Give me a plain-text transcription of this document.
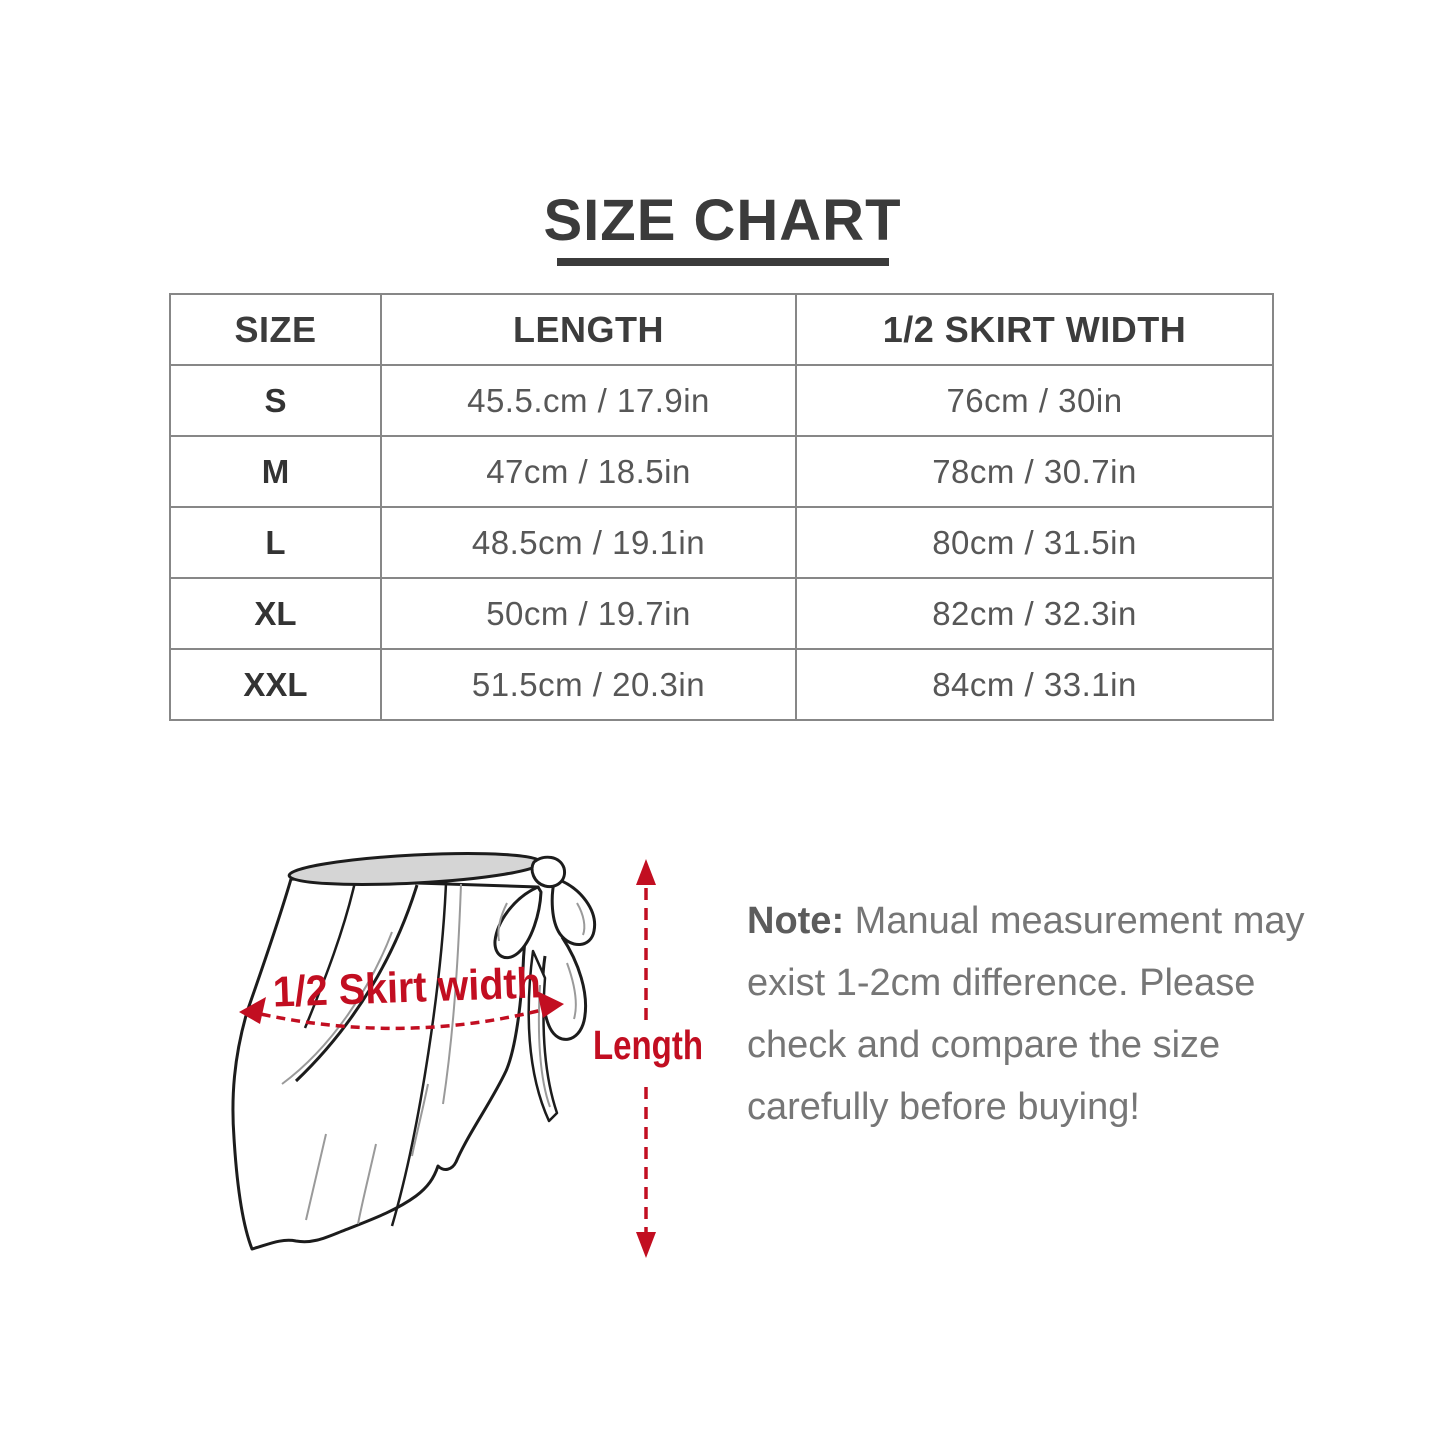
SIZE CHART
SIZE	LENGTH	1/2 SKIRT WIDTH
S	45.5.cm / 17.9in	76cm / 30in
M	47cm / 18.5in	78cm / 30.7in
L	48.5cm / 19.1in	80cm / 31.5in
XL	50cm / 19.7in	82cm / 32.3in
XXL	51.5cm / 20.3in	84cm / 33.1in
1/2 Skirt width
Length
Note: Manual measurement may
exist 1-2cm difference. Please
check and compare the size
carefully before buying!
